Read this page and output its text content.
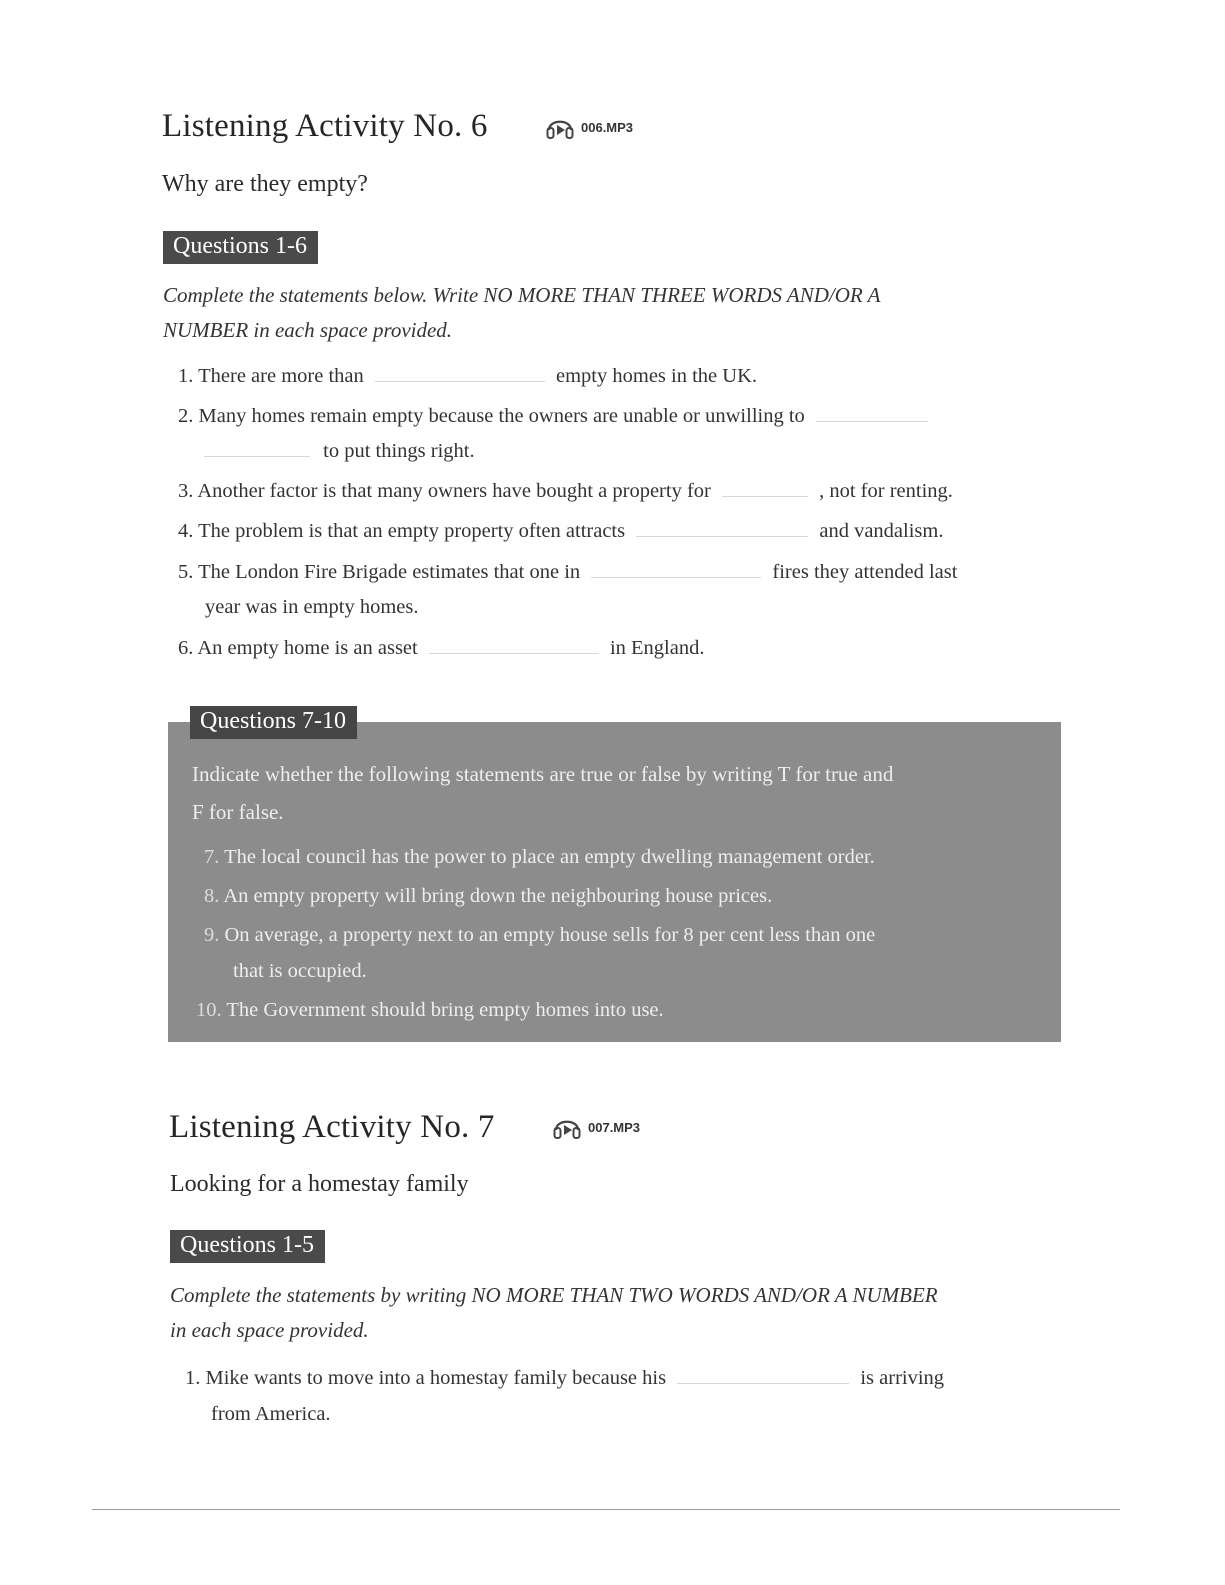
Listening Activity No. 6	006.MP3
Why are they empty?
Questions 1-6
Complete the statements below. Write NO MORE THAN THREE WORDS AND/OR A
NUMBER in each space provided.
1. There are more than	empty homes in the UK.
2. Many homes remain empty because the owners are unable or unwilling to
to put things right.
3. Another factor is that many owners have bought a property for	, not for renting.
4. The problem is that an empty property often attracts	and vandalism.
5. The London Fire Brigade estimates that one in	fires they attended last
year was in empty homes.
6. An empty home is an asset	in England.
Questions 7-10
Indicate whether the following statements are true or false by writing T for true and
F for false.
7. The local council has the power to place an empty dwelling management order.
8. An empty property will bring down the neighbouring house prices.
9. On average, a property next to an empty house sells for 8 per cent less than one
that is occupied.
10. The Government should bring empty homes into use.
Listening Activity No. 7	007.MP3
Looking for a homestay family
Questions 1-5
Complete the statements by writing NO MORE THAN TWO WORDS AND/OR A NUMBER
in each space provided.
1. Mike wants to move into a homestay family because his	is arriving
from America.
